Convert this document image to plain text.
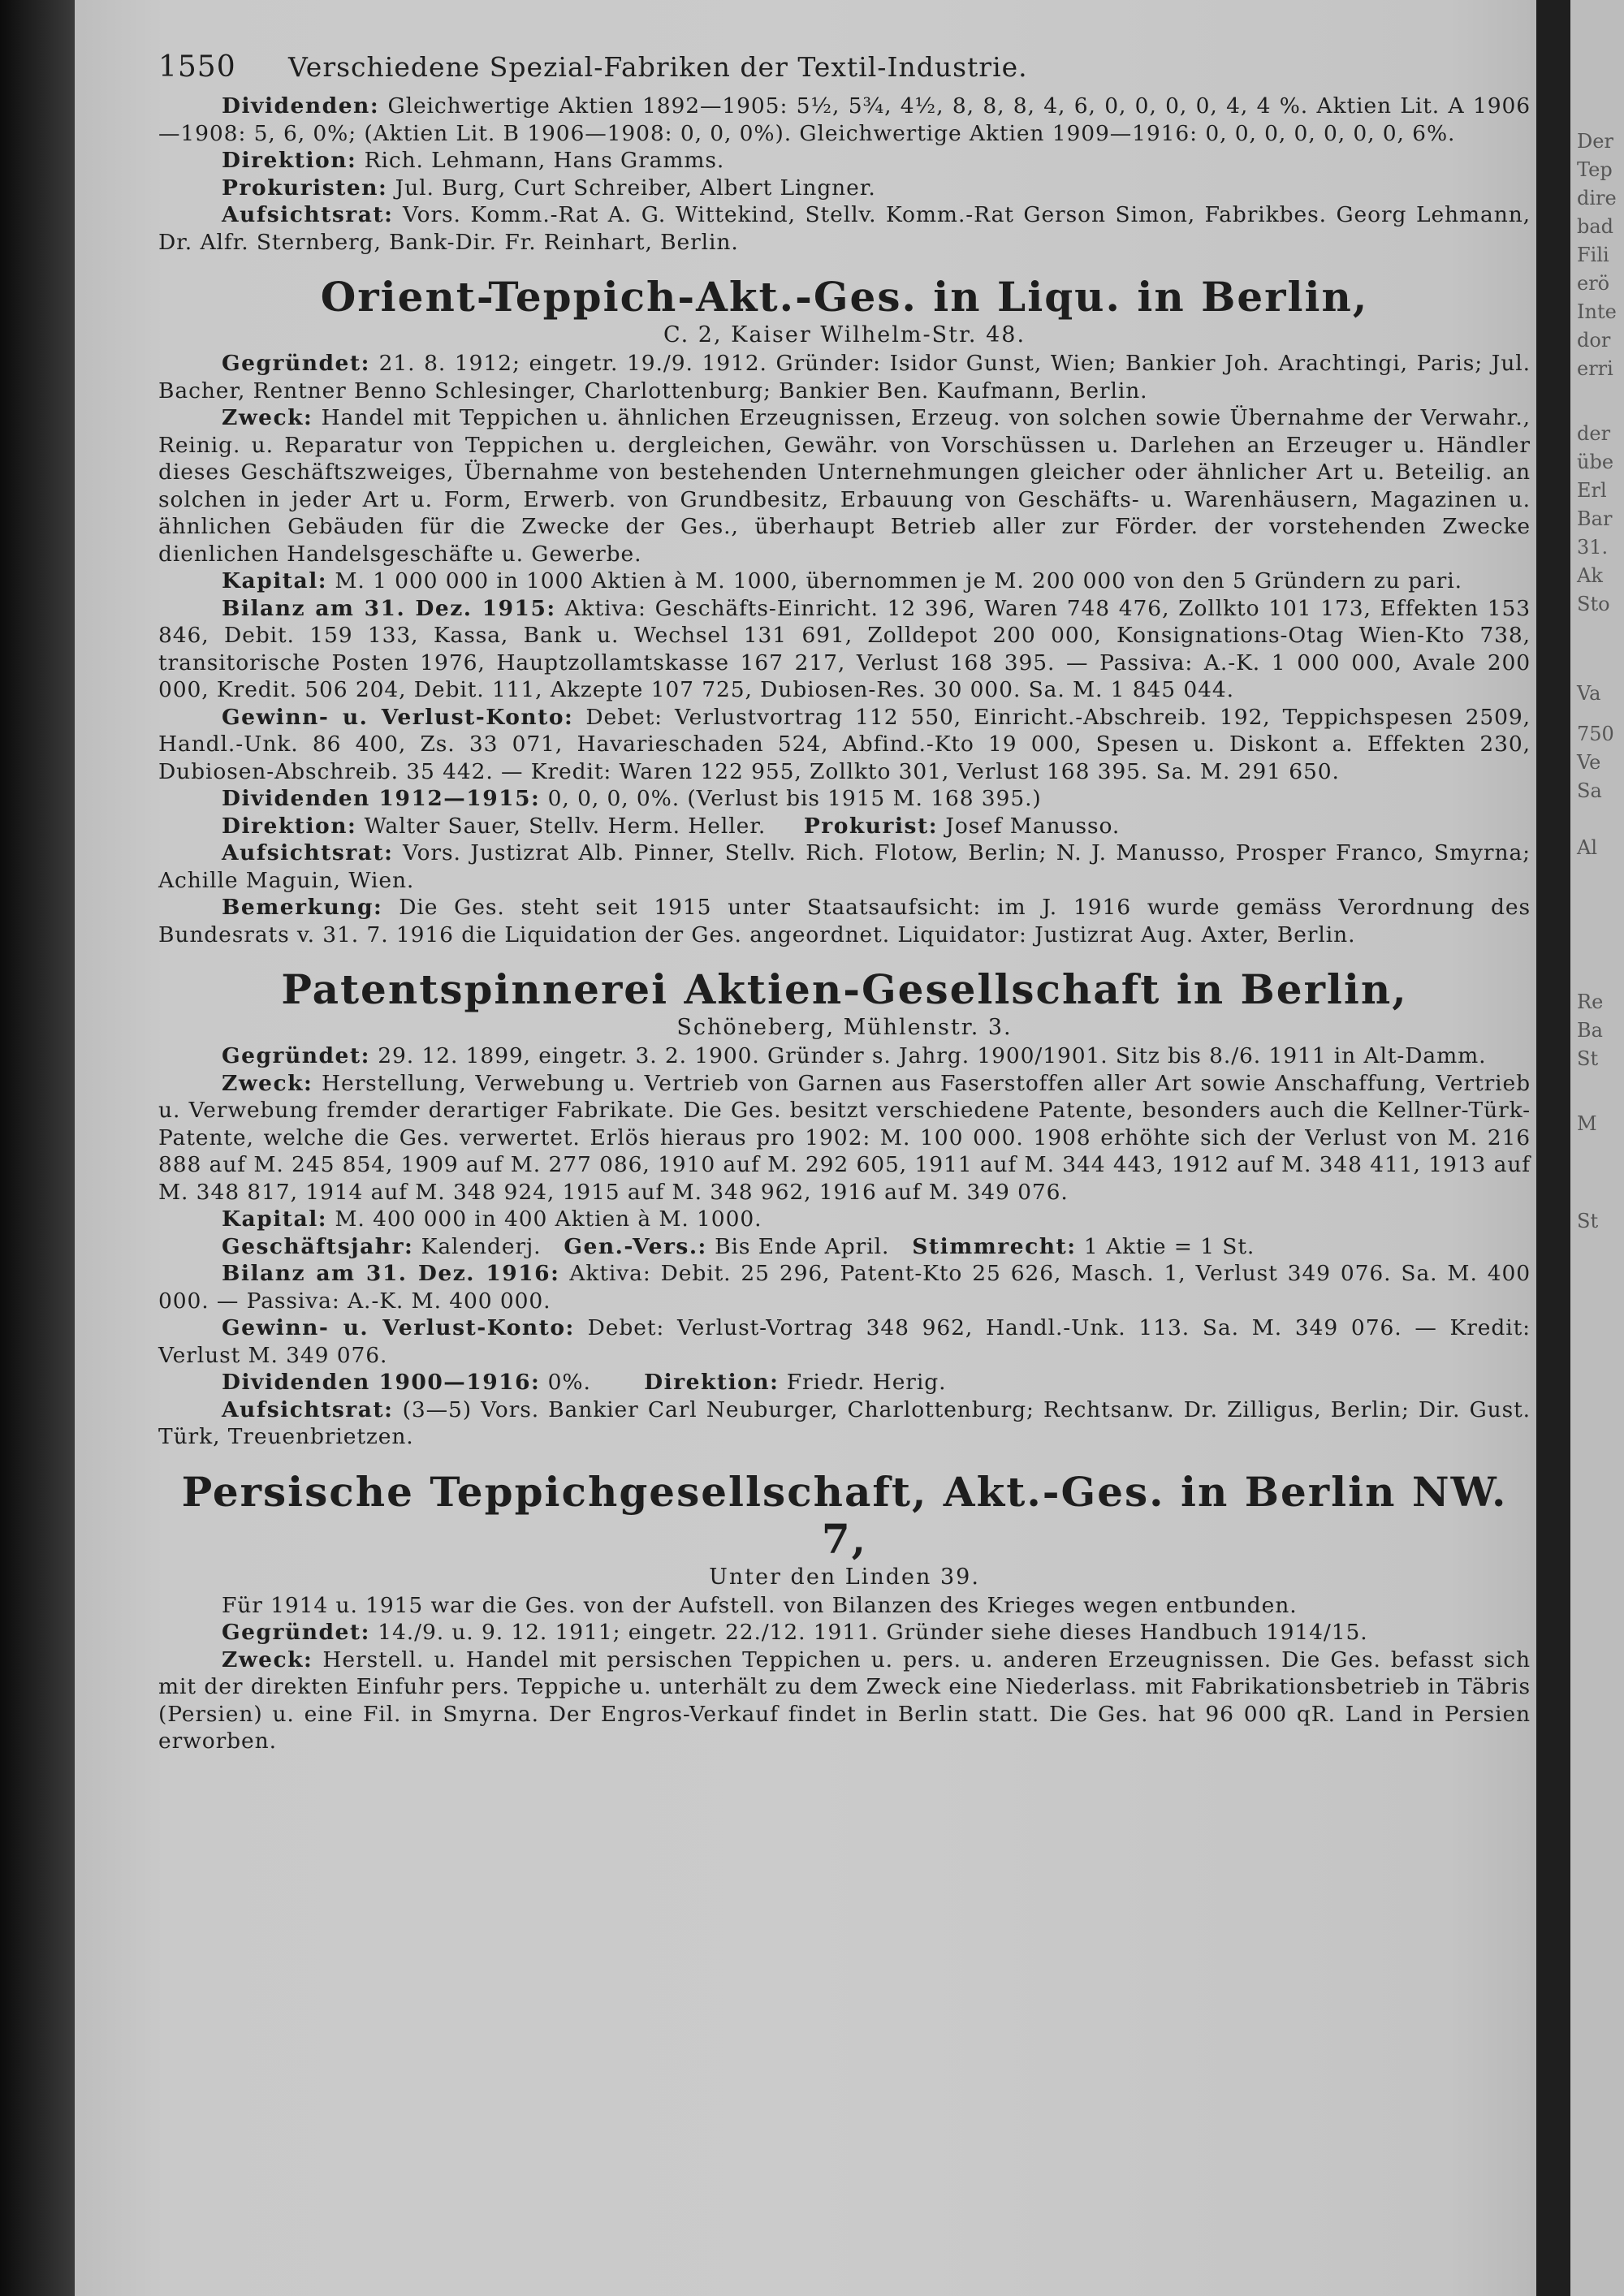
Der
Tep
dire
bad
Fili
erö
Inte
dor
erri
der
übe
Erl
Bar
31.
Ak
Sto
Va
750
Ve
Sa
Al
Re
Ba
St
M
St
1550	Verschiedene Spezial-Fabriken der Textil-Industrie.

Dividenden: Gleichwertige Aktien 1892—1905: 5½, 5¾, 4½, 8, 8, 8, 4, 6, 0, 0, 0, 0, 4, 4 %. Aktien Lit. A 1906—1908: 5, 6, 0%; (Aktien Lit. B 1906—1908: 0, 0, 0%). Gleichwertige Aktien 1909—1916: 0, 0, 0, 0, 0, 0, 0, 6%.

Direktion: Rich. Lehmann, Hans Gramms.

Prokuristen: Jul. Burg, Curt Schreiber, Albert Lingner.

Aufsichtsrat: Vors. Komm.-Rat A. G. Wittekind, Stellv. Komm.-Rat Gerson Simon, Fabrikbes. Georg Lehmann, Dr. Alfr. Sternberg, Bank-Dir. Fr. Reinhart, Berlin.

Orient-Teppich-Akt.-Ges. in Liqu. in Berlin,
C. 2, Kaiser Wilhelm-Str. 48.

Gegründet: 21. 8. 1912; eingetr. 19./9. 1912. Gründer: Isidor Gunst, Wien; Bankier Joh. Arachtingi, Paris; Jul. Bacher, Rentner Benno Schlesinger, Charlottenburg; Bankier Ben. Kaufmann, Berlin.

Zweck: Handel mit Teppichen u. ähnlichen Erzeugnissen, Erzeug. von solchen sowie Übernahme der Verwahr., Reinig. u. Reparatur von Teppichen u. dergleichen, Gewähr. von Vorschüssen u. Darlehen an Erzeuger u. Händler dieses Geschäftszweiges, Übernahme von bestehenden Unternehmungen gleicher oder ähnlicher Art u. Beteilig. an solchen in jeder Art u. Form, Erwerb. von Grundbesitz, Erbauung von Geschäfts- u. Warenhäusern, Magazinen u. ähnlichen Gebäuden für die Zwecke der Ges., überhaupt Betrieb aller zur Förder. der vorstehenden Zwecke dienlichen Handelsgeschäfte u. Gewerbe.

Kapital: M. 1 000 000 in 1000 Aktien à M. 1000, übernommen je M. 200 000 von den 5 Gründern zu pari.

Bilanz am 31. Dez. 1915: Aktiva: Geschäfts-Einricht. 12 396, Waren 748 476, Zollkto 101 173, Effekten 153 846, Debit. 159 133, Kassa, Bank u. Wechsel 131 691, Zolldepot 200 000, Konsignations-Otag Wien-Kto 738, transitorische Posten 1976, Hauptzollamtskasse 167 217, Verlust 168 395. — Passiva: A.-K. 1 000 000, Avale 200 000, Kredit. 506 204, Debit. 111, Akzepte 107 725, Dubiosen-Res. 30 000. Sa. M. 1 845 044.

Gewinn- u. Verlust-Konto: Debet: Verlustvortrag 112 550, Einricht.-Abschreib. 192, Teppichspesen 2509, Handl.-Unk. 86 400, Zs. 33 071, Havarieschaden 524, Abfind.-Kto 19 000, Spesen u. Diskont a. Effekten 230, Dubiosen-Abschreib. 35 442. — Kredit: Waren 122 955, Zollkto 301, Verlust 168 395. Sa. M. 291 650.

Dividenden 1912—1915: 0, 0, 0, 0%. (Verlust bis 1915 M. 168 395.)

Direktion: Walter Sauer, Stellv. Herm. Heller. Prokurist: Josef Manusso.

Aufsichtsrat: Vors. Justizrat Alb. Pinner, Stellv. Rich. Flotow, Berlin; N. J. Manusso, Prosper Franco, Smyrna; Achille Maguin, Wien.

Bemerkung: Die Ges. steht seit 1915 unter Staatsaufsicht: im J. 1916 wurde gemäss Verordnung des Bundesrats v. 31. 7. 1916 die Liquidation der Ges. angeordnet. Liquidator: Justizrat Aug. Axter, Berlin.

Patentspinnerei Aktien-Gesellschaft in Berlin,
Schöneberg, Mühlenstr. 3.

Gegründet: 29. 12. 1899, eingetr. 3. 2. 1900. Gründer s. Jahrg. 1900/1901. Sitz bis 8./6. 1911 in Alt-Damm.

Zweck: Herstellung, Verwebung u. Vertrieb von Garnen aus Faserstoffen aller Art sowie Anschaffung, Vertrieb u. Verwebung fremder derartiger Fabrikate. Die Ges. besitzt verschiedene Patente, besonders auch die Kellner-Türk-Patente, welche die Ges. verwertet. Erlös hieraus pro 1902: M. 100 000. 1908 erhöhte sich der Verlust von M. 216 888 auf M. 245 854, 1909 auf M. 277 086, 1910 auf M. 292 605, 1911 auf M. 344 443, 1912 auf M. 348 411, 1913 auf M. 348 817, 1914 auf M. 348 924, 1915 auf M. 348 962, 1916 auf M. 349 076.

Kapital: M. 400 000 in 400 Aktien à M. 1000.

Geschäftsjahr: Kalenderj. Gen.-Vers.: Bis Ende April. Stimmrecht: 1 Aktie = 1 St.

Bilanz am 31. Dez. 1916: Aktiva: Debit. 25 296, Patent-Kto 25 626, Masch. 1, Verlust 349 076. Sa. M. 400 000. — Passiva: A.-K. M. 400 000.

Gewinn- u. Verlust-Konto: Debet: Verlust-Vortrag 348 962, Handl.-Unk. 113. Sa. M. 349 076. — Kredit: Verlust M. 349 076.

Dividenden 1900—1916: 0%. Direktion: Friedr. Herig.

Aufsichtsrat: (3—5) Vors. Bankier Carl Neuburger, Charlottenburg; Rechtsanw. Dr. Zilligus, Berlin; Dir. Gust. Türk, Treuenbrietzen.

Persische Teppichgesellschaft, Akt.-Ges. in Berlin NW. 7,
Unter den Linden 39.

Für 1914 u. 1915 war die Ges. von der Aufstell. von Bilanzen des Krieges wegen entbunden.

Gegründet: 14./9. u. 9. 12. 1911; eingetr. 22./12. 1911. Gründer siehe dieses Handbuch 1914/15.

Zweck: Herstell. u. Handel mit persischen Teppichen u. pers. u. anderen Erzeugnissen. Die Ges. befasst sich mit der direkten Einfuhr pers. Teppiche u. unterhält zu dem Zweck eine Niederlass. mit Fabrikationsbetrieb in Täbris (Persien) u. eine Fil. in Smyrna. Der Engros-Verkauf findet in Berlin statt. Die Ges. hat 96 000 qR. Land in Persien erworben.
